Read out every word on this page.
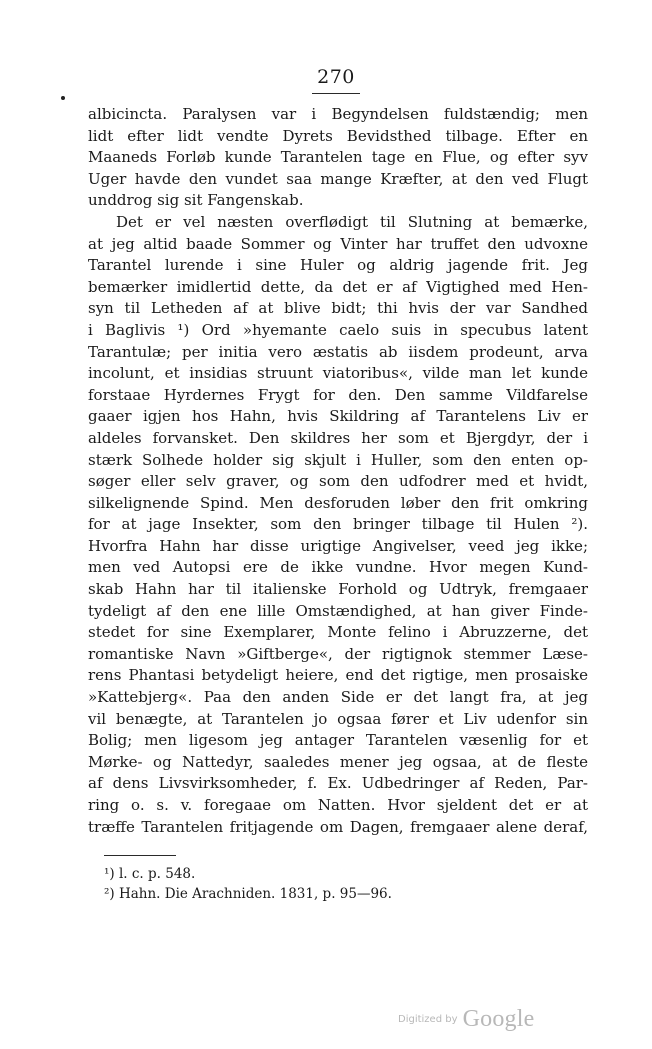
270
albicincta. Paralysen var i Begyndelsen fuldstændig; men
lidt efter lidt vendte Dyrets Bevidsthed tilbage. Efter en
Maaneds Forløb kunde Tarantelen tage en Flue, og efter syv
Uger havde den vundet saa mange Kræfter, at den ved Flugt
unddrog sig sit Fangenskab.
Det er vel næsten overflødigt til Slutning at bemærke,
at jeg altid baade Sommer og Vinter har truffet den udvoxne
Tarantel lurende i sine Huler og aldrig jagende frit. Jeg
bemærker imidlertid dette, da det er af Vigtighed med Hen-
syn til Letheden af at blive bidt; thi hvis der var Sandhed
i Baglivis ¹) Ord »hyemante caelo suis in specubus latent
Tarantulæ; per initia vero æstatis ab iisdem prodeunt, arva
incolunt, et insidias struunt viatoribus«, vilde man let kunde
forstaae Hyrdernes Frygt for den. Den samme Vildfarelse
gaaer igjen hos Hahn, hvis Skildring af Tarantelens Liv er
aldeles forvansket. Den skildres her som et Bjergdyr, der i
stærk Solhede holder sig skjult i Huller, som den enten op-
søger eller selv graver, og som den udfodrer med et hvidt,
silkelignende Spind. Men desforuden løber den frit omkring
for at jage Insekter, som den bringer tilbage til Hulen ²).
Hvorfra Hahn har disse urigtige Angivelser, veed jeg ikke;
men ved Autopsi ere de ikke vundne. Hvor megen Kund-
skab Hahn har til italienske Forhold og Udtryk, fremgaaer
tydeligt af den ene lille Omstændighed, at han giver Finde-
stedet for sine Exemplarer, Monte felino i Abruzzerne, det
romantiske Navn »Giftberge«, der rigtignok stemmer Læse-
rens Phantasi betydeligt heiere, end det rigtige, men prosaiske
»Kattebjerg«. Paa den anden Side er det langt fra, at jeg
vil benægte, at Tarantelen jo ogsaa fører et Liv udenfor sin
Bolig; men ligesom jeg antager Tarantelen væsenlig for et
Mørke- og Nattedyr, saaledes mener jeg ogsaa, at de fleste
af dens Livsvirksomheder, f. Ex. Udbedringer af Reden, Par-
ring o. s. v. foregaae om Natten. Hvor sjeldent det er at
træffe Tarantelen fritjagende om Dagen, fremgaaer alene deraf,
¹) l. c. p. 548.
²) Hahn. Die Arachniden. 1831, p. 95—96.
Digitized by Google
